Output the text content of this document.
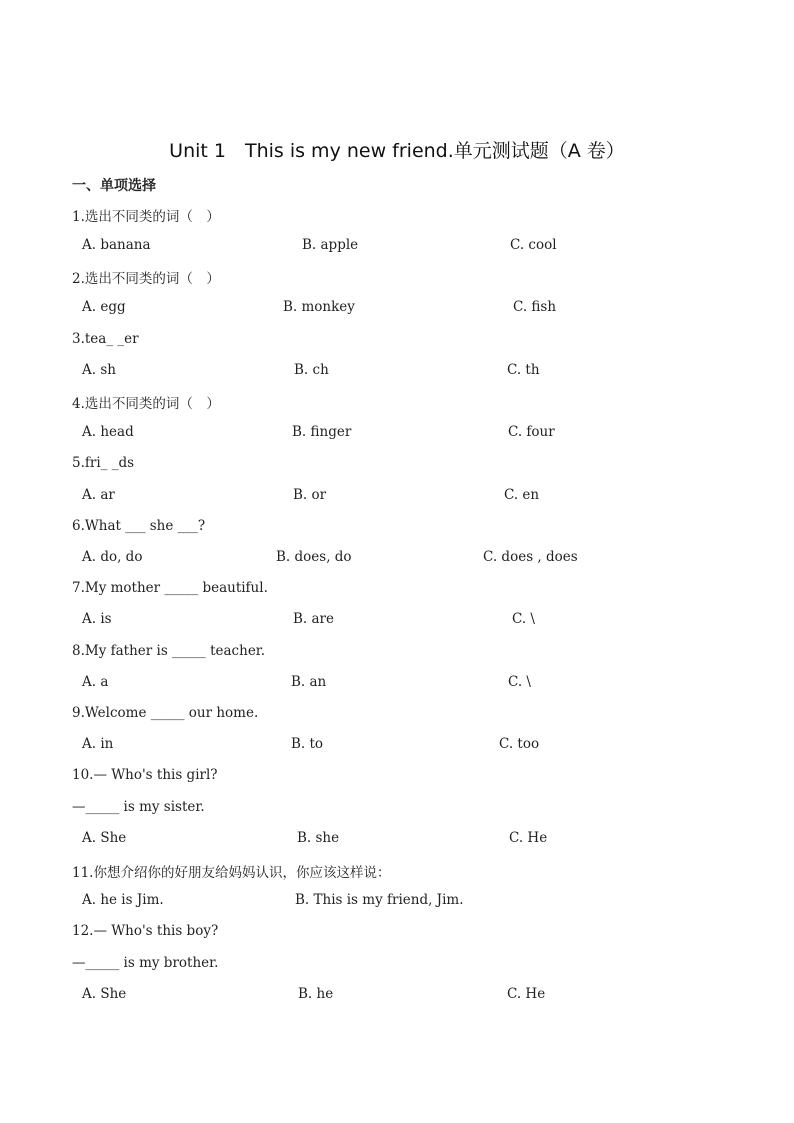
Unit 1　This is my new friend.单元测试题（A 卷）
一、单项选择
1.选出不同类的词（　）
A. banana	B. apple	C. cool
2.选出不同类的词（　）
A. egg	B. monkey	C. fish
3.tea_ _er
A. sh	B. ch	C. th
4.选出不同类的词（　）
A. head	B. finger	C. four
5.fri_ _ds
A. ar	B. or	C. en
6.What ___ she ___?
A. do, do	B. does, do	C. does , does
7.My mother _____ beautiful.
A. is	B. are	C. \
8.My father is _____ teacher.
A. a	B. an	C. \
9.Welcome _____ our home.
A. in	B. to	C. too
10.— Who's this girl?
—_____ is my sister.
A. She	B. she	C. He
11.你想介绍你的好朋友给妈妈认识，你应该这样说：
A. he is Jim.	B. This is my friend, Jim.
12.— Who's this boy?
—_____ is my brother.
A. She	B. he	C. He
